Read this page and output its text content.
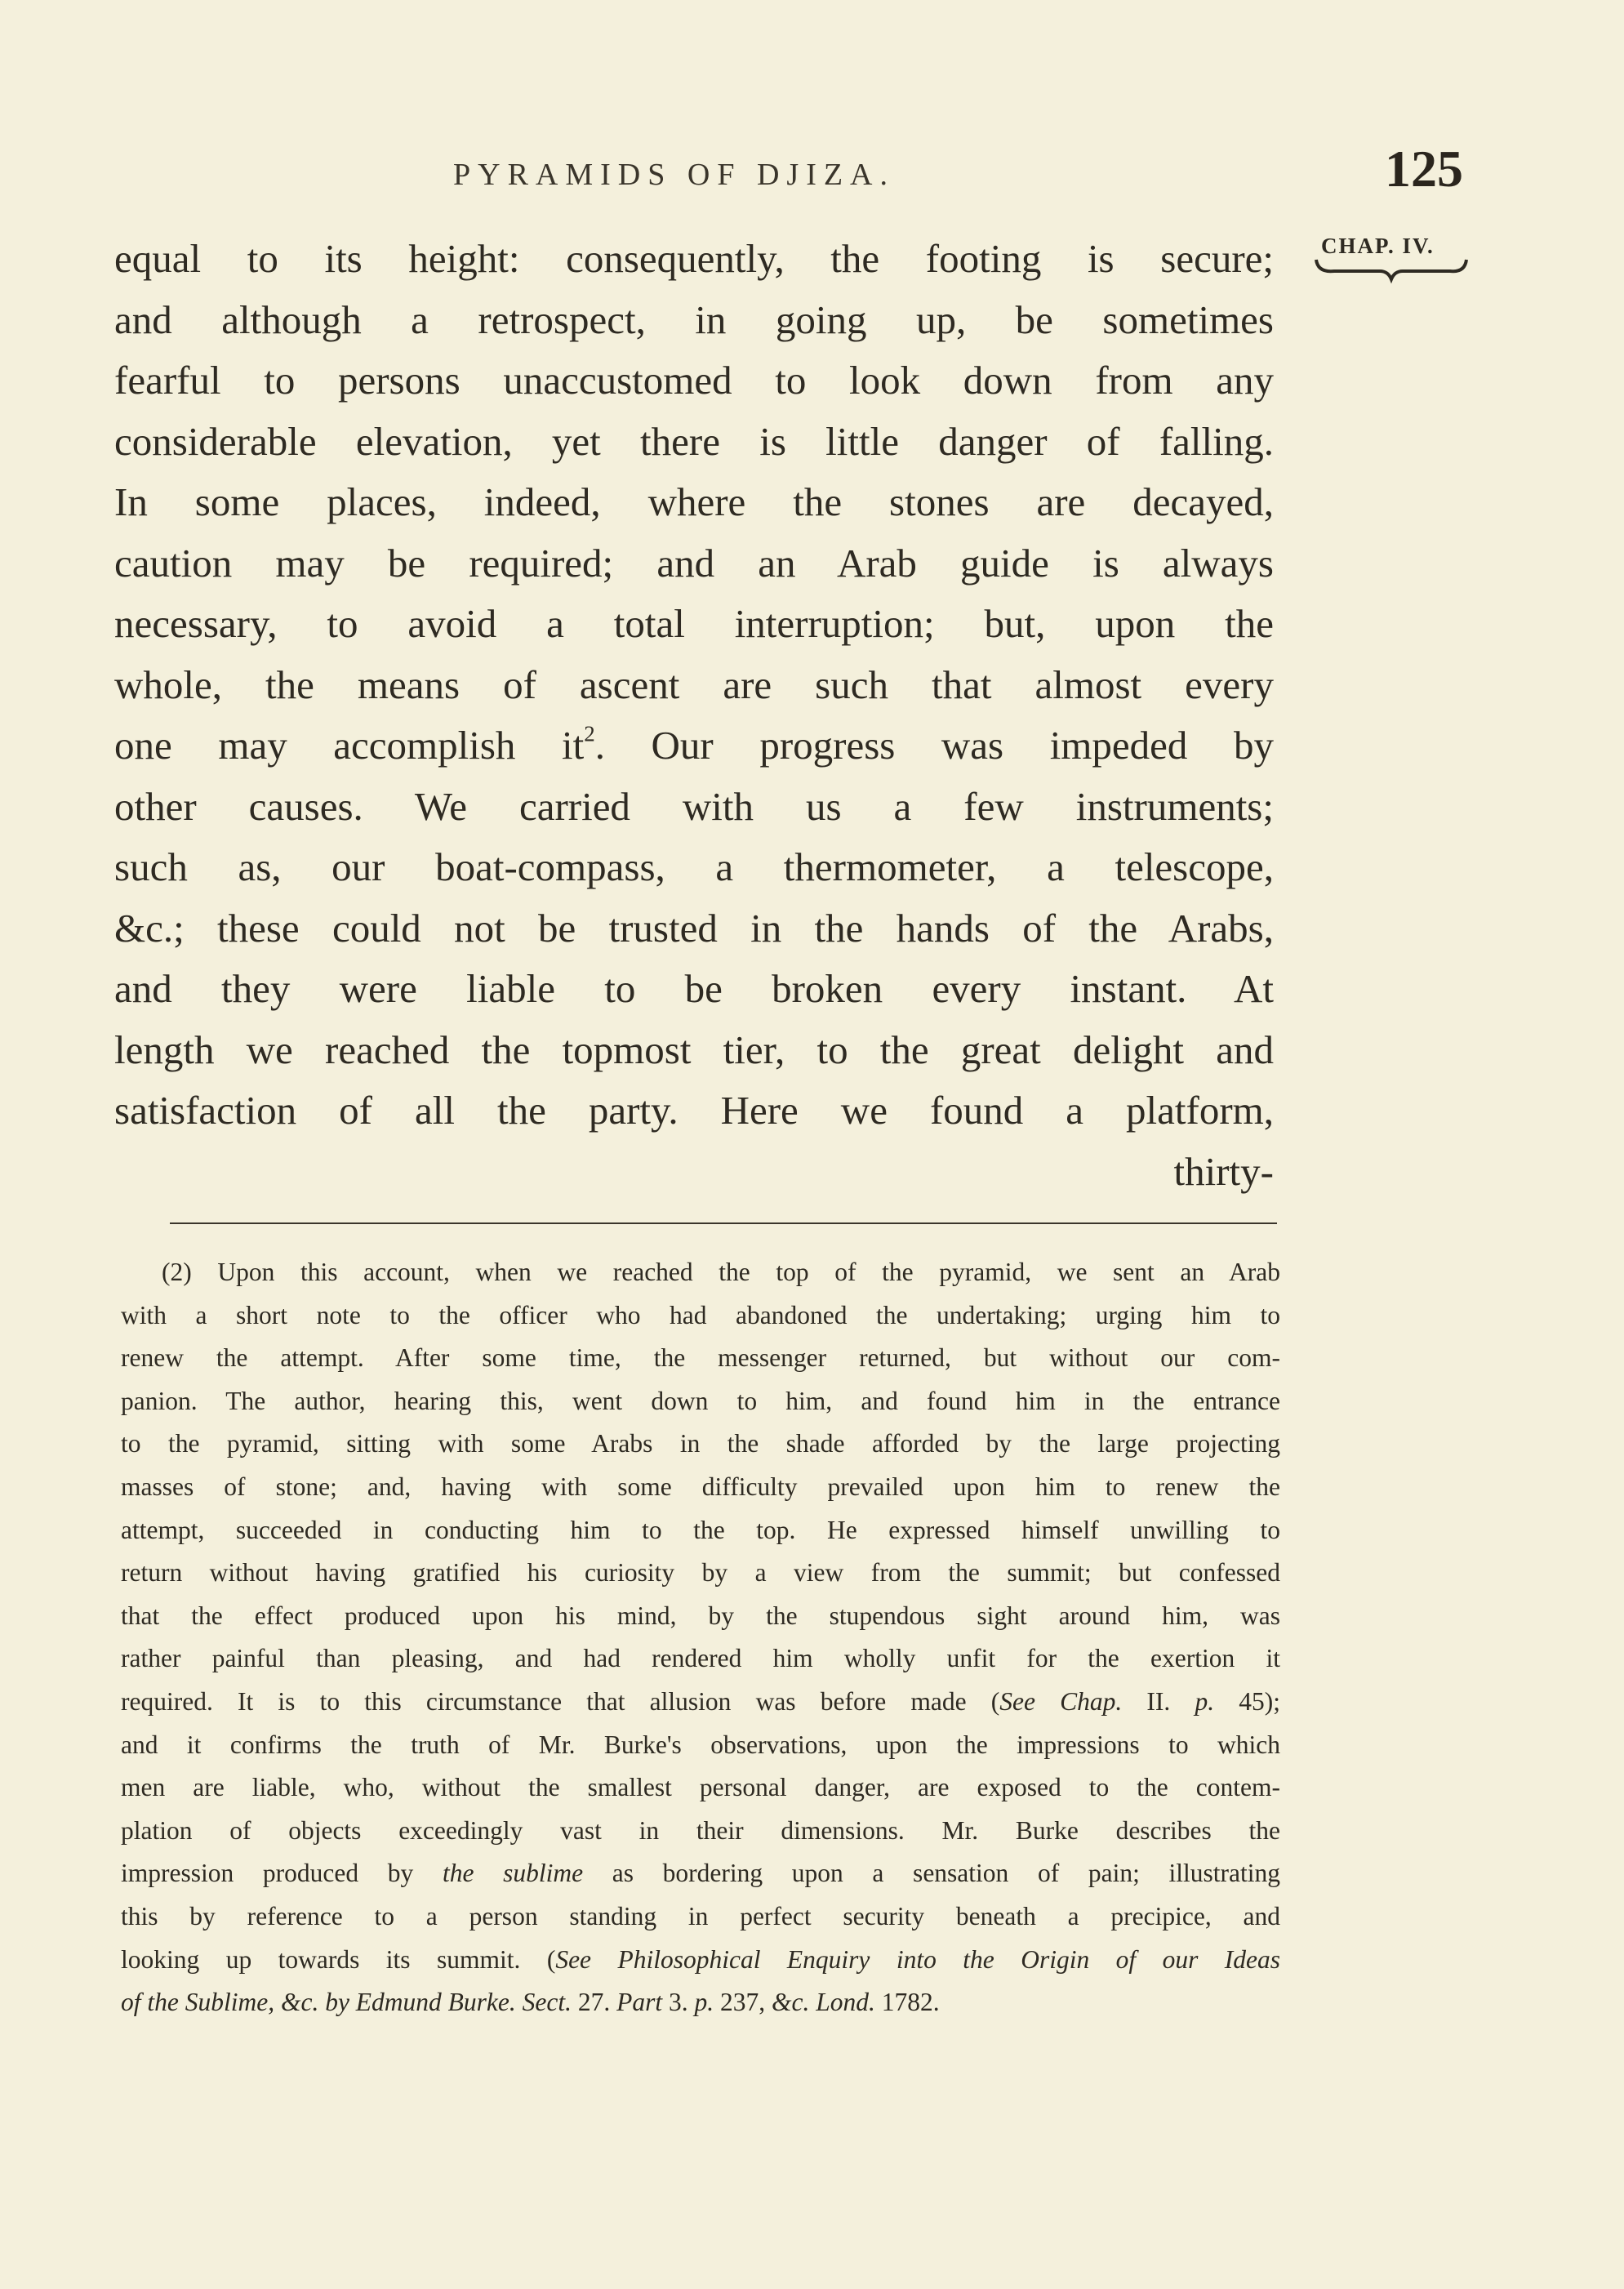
PYRAMIDS OF DJIZA.	125
CHAP. IV.
equal to its height: consequently, the footing is secure;
and although a retrospect, in going up, be sometimes
fearful to persons unaccustomed to look down from any
considerable elevation, yet there is little danger of falling.
In some places, indeed, where the stones are decayed,
caution may be required; and an Arab guide is always
necessary, to avoid a total interruption; but, upon the
whole, the means of ascent are such that almost every
one may accomplish $it^2$. Our progress was impeded by
other causes. We carried with us a few instruments;
such as, our boat-compass, a thermometer, a telescope,
&c.; these could not be trusted in the hands of the Arabs,
and they were liable to be broken every instant. At
length we reached the topmost tier, to the great delight and
satisfaction of all the party. Here we found a platform,
thirty-
(2) Upon this account, when we reached the top of the pyramid, we sent an Arab
with a short note to the officer who had abandoned the undertaking; urging him to
renew the attempt. After some time, the messenger returned, but without our com-
panion. The author, hearing this, went down to him, and found him in the entrance
to the pyramid, sitting with some Arabs in the shade afforded by the large projecting
masses of stone; and, having with some difficulty prevailed upon him to renew the
attempt, succeeded in conducting him to the top. He expressed himself unwilling to
return without having gratified his curiosity by a view from the summit; but confessed
that the effect produced upon his mind, by the stupendous sight around him, was
rather painful than pleasing, and had rendered him wholly unfit for the exertion it
required. It is to this circumstance that allusion was before made (See Chap. II. p. 45);
and it confirms the truth of Mr. Burke's observations, upon the impressions to which
men are liable, who, without the smallest personal danger, are exposed to the contem-
plation of objects exceedingly vast in their dimensions. Mr. Burke describes the
impression produced by the sublime as bordering upon a sensation of pain; illustrating
this by reference to a person standing in perfect security beneath a precipice, and
looking up towards its summit. (See Philosophical Enquiry into the Origin of our Ideas
of the Sublime, &c. by Edmund Burke. Sect. 27. Part 3. p. 237, &c. Lond. 1782.
